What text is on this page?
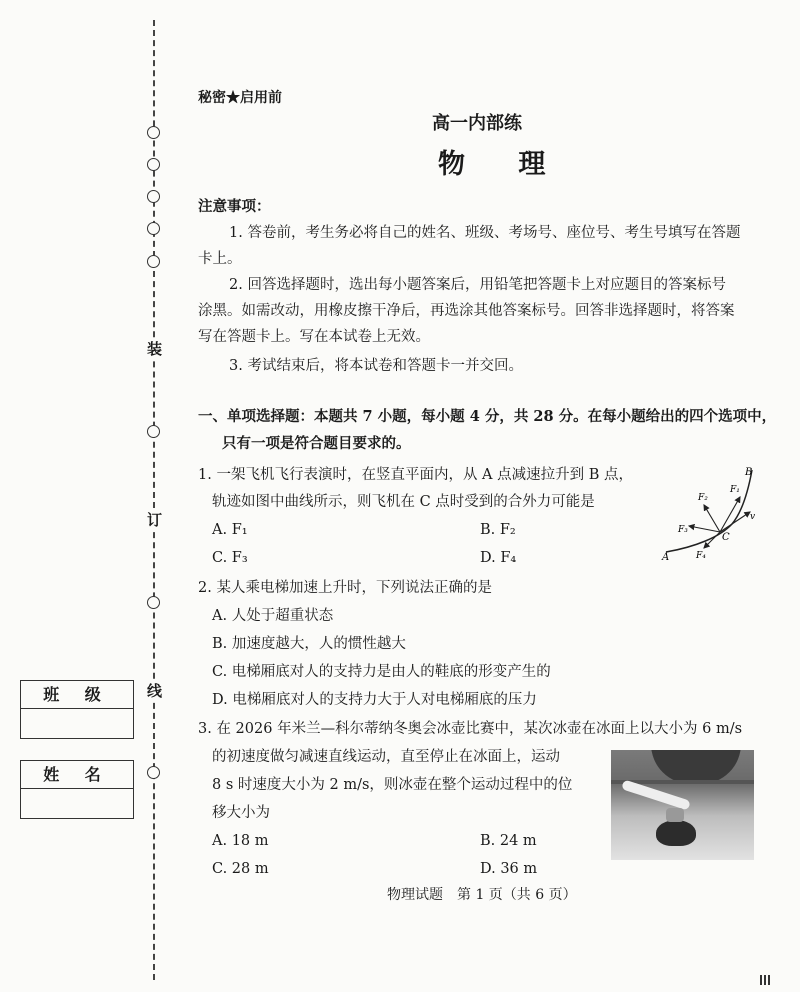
装
订
线
班 级
姓 名
秘密★启用前
高一内部练
物 理
注意事项：
1. 答卷前，考生务必将自己的姓名、班级、考场号、座位号、考生号填写在答题
卡上。
2. 回答选择题时，选出每小题答案后，用铅笔把答题卡上对应题目的答案标号
涂黑。如需改动，用橡皮擦干净后，再选涂其他答案标号。回答非选择题时，将答案
写在答题卡上。写在本试卷上无效。
3. 考试结束后，将本试卷和答题卡一并交回。
一、单项选择题：本题共 7 小题，每小题 4 分，共 28 分。在每小题给出的四个选项中，
只有一项是符合题目要求的。
1. 一架飞机飞行表演时，在竖直平面内，从 A 点减速拉升到 B 点，
轨迹如图中曲线所示，则飞机在 C 点时受到的合外力可能是
A. F₁	B. F₂
C. F₃	D. F₄
B
F₁
F₂
v
F₃
C
A	F₄
2. 某人乘电梯加速上升时，下列说法正确的是
A. 人处于超重状态
B. 加速度越大，人的惯性越大
C. 电梯厢底对人的支持力是由人的鞋底的形变产生的
D. 电梯厢底对人的支持力大于人对电梯厢底的压力
3. 在 2026 年米兰—科尔蒂纳冬奥会冰壶比赛中，某次冰壶在冰面上以大小为 6 m/s
的初速度做匀减速直线运动，直至停止在冰面上，运动
8 s 时速度大小为 2 m/s，则冰壶在整个运动过程中的位
移大小为
A. 18 m	B. 24 m
C. 28 m	D. 36 m
物理试题　第 1 页（共 6 页）
